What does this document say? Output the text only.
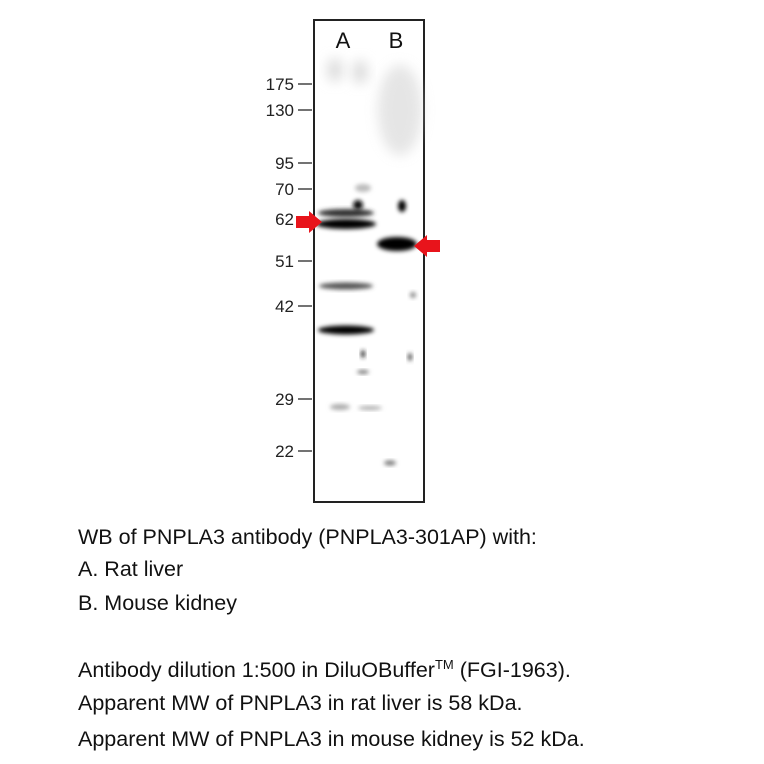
A B
175
130
95
70
62
51
42
29
22
WB of PNPLA3 antibody (PNPLA3-301AP) with:
A. Rat liver
B. Mouse kidney
Antibody dilution 1:500 in DiluOBuffer™ (FGI-1963).
Apparent MW of PNPLA3 in rat liver is 58 kDa.
Apparent MW of PNPLA3 in mouse kidney is 52 kDa.
